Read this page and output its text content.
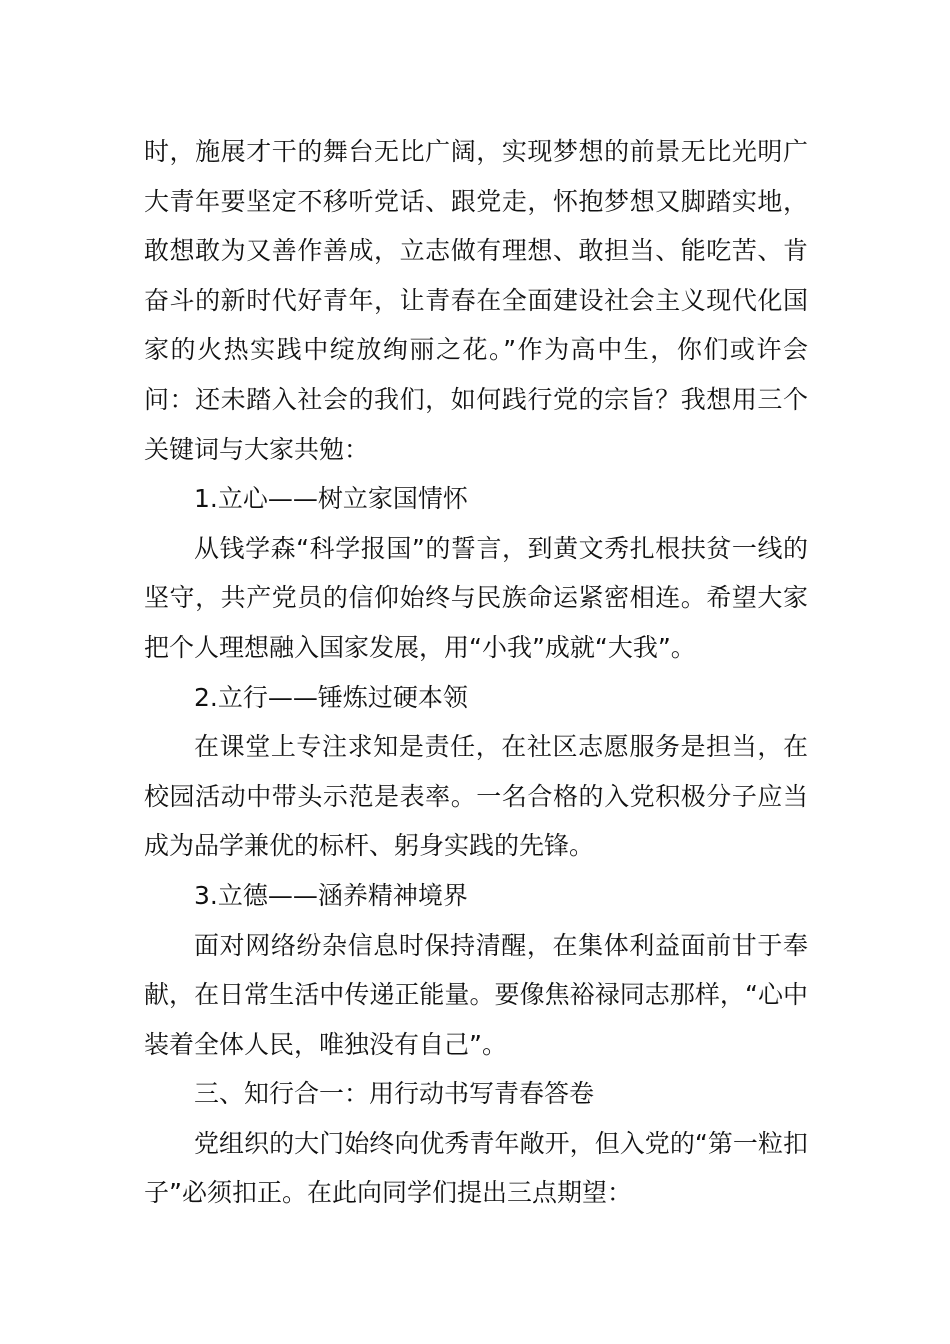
时，施展才干的舞台无比广阔，实现梦想的前景无比光明广大青年要坚定不移听党话、跟党走，怀抱梦想又脚踏实地，敢想敢为又善作善成，立志做有理想、敢担当、能吃苦、肯奋斗的新时代好青年，让青春在全面建设社会主义现代化国家的火热实践中绽放绚丽之花。”作为高中生，你们或许会问：还未踏入社会的我们，如何践行党的宗旨？我想用三个关键词与大家共勉：

1.立心——树立家国情怀

从钱学森“科学报国”的誓言，到黄文秀扎根扶贫一线的坚守，共产党员的信仰始终与民族命运紧密相连。希望大家把个人理想融入国家发展，用“小我”成就“大我”。

2.立行——锤炼过硬本领

在课堂上专注求知是责任，在社区志愿服务是担当，在校园活动中带头示范是表率。一名合格的入党积极分子应当成为品学兼优的标杆、躬身实践的先锋。

3.立德——涵养精神境界

面对网络纷杂信息时保持清醒，在集体利益面前甘于奉献，在日常生活中传递正能量。要像焦裕禄同志那样，“心中装着全体人民，唯独没有自己”。

三、知行合一：用行动书写青春答卷

党组织的大门始终向优秀青年敞开，但入党的“第一粒扣子”必须扣正。在此向同学们提出三点期望：
